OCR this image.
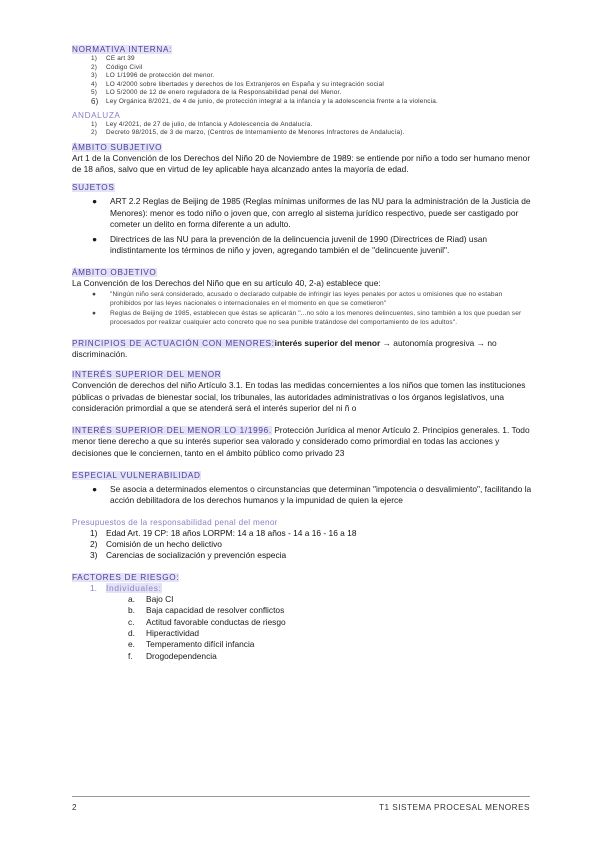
NORMATIVA INTERNA:
1) CE art 39
2) Código Civil
3) LO 1/1996 de protección del menor.
4) LO 4/2000 sobre libertades y derechos de los Extranjeros en España y su integración social
5) LO 5/2000 de 12 de enero reguladora de la Responsabilidad penal del Menor.
6) Ley Orgánica 8/2021, de 4 de junio, de protección integral a la infancia y la adolescencia frente a la violencia.
ANDALUZA
1) Ley 4/2021, de 27 de julio, de Infancia y Adolescencia de Andalucía.
2) Decreto 98/2015, de 3 de marzo, (Centros de Internamiento de Menores Infractores de Andalucía).
ÁMBITO SUBJETIVO
Art 1 de la Convención de los Derechos del Niño 20 de Noviembre de 1989: se entiende por niño a todo ser humano menor de 18 años, salvo que en virtud de ley aplicable haya alcanzado antes la mayoría de edad.
SUJETOS
● ART 2.2 Reglas de Beijing de 1985 (Reglas mínimas uniformes de las NU para la administración de la Justicia de Menores): menor es todo niño o joven que, con arreglo al sistema jurídico respectivo, puede ser castigado por cometer un delito en forma diferente a un adulto.
● Directrices de las NU para la prevención de la delincuencia juvenil de 1990 (Directrices de Riad) usan indistintamente los términos de niño y joven, agregando también el de "delincuente juvenil".
ÁMBITO OBJETIVO
La Convención de los Derechos del Niño que en su artículo 40, 2-a) establece que:
● "Ningún niño será considerado, acusado o declarado culpable de infringir las leyes penales por actos u omisiones que no estaban prohibidos por las leyes nacionales o internacionales en el momento en que se cometieron"
● Reglas de Beijing de 1985, establecen que éstas se aplicarán "...no sólo a los menores delincuentes, sino también a los que puedan ser procesados por realizar cualquier acto concreto que no sea punible tratándose del comportamiento de los adultos".
PRINCIPIOS DE ACTUACIÓN CON MENORES:interés superior del menor → autonomía progresiva → no discriminación.
INTERÉS SUPERIOR DEL MENOR
Convención de derechos del niño Artículo 3.1. En todas las medidas concernientes a los niños que tomen las instituciones públicas o privadas de bienestar social, los tribunales, las autoridades administrativas o los órganos legislativos, una consideración primordial a que se atenderá será el interés superior del ni ñ o
INTERÉS SUPERIOR DEL MENOR LO 1/1996. Protección Jurídica al menor Artículo 2. Principios generales. 1. Todo menor tiene derecho a que su interés superior sea valorado y considerado como primordial en todas las acciones y decisiones que le conciernen, tanto en el ámbito público como privado 23
ESPECIAL VULNERABILIDAD
● Se asocia a determinados elementos o circunstancias que determinan "impotencia o desvalimiento", facilitando la acción debilitadora de los derechos humanos y la impunidad de quien la ejerce
Presupuestos de la responsabilidad penal del menor
1) Edad Art. 19 CP: 18 años LORPM: 14 a 18 años - 14 a 16 - 16 a 18
2) Comisión de un hecho delictivo
3) Carencias de socialización y prevención especia
FACTORES DE RIESGO:
1. Individuales:
a. Bajo CI
b. Baja capacidad de resolver conflictos
c. Actitud favorable conductas de riesgo
d. Hiperactividad
e. Temperamento difícil infancia
f. Drogodependencia
2	T1 SISTEMA PROCESAL MENORES
